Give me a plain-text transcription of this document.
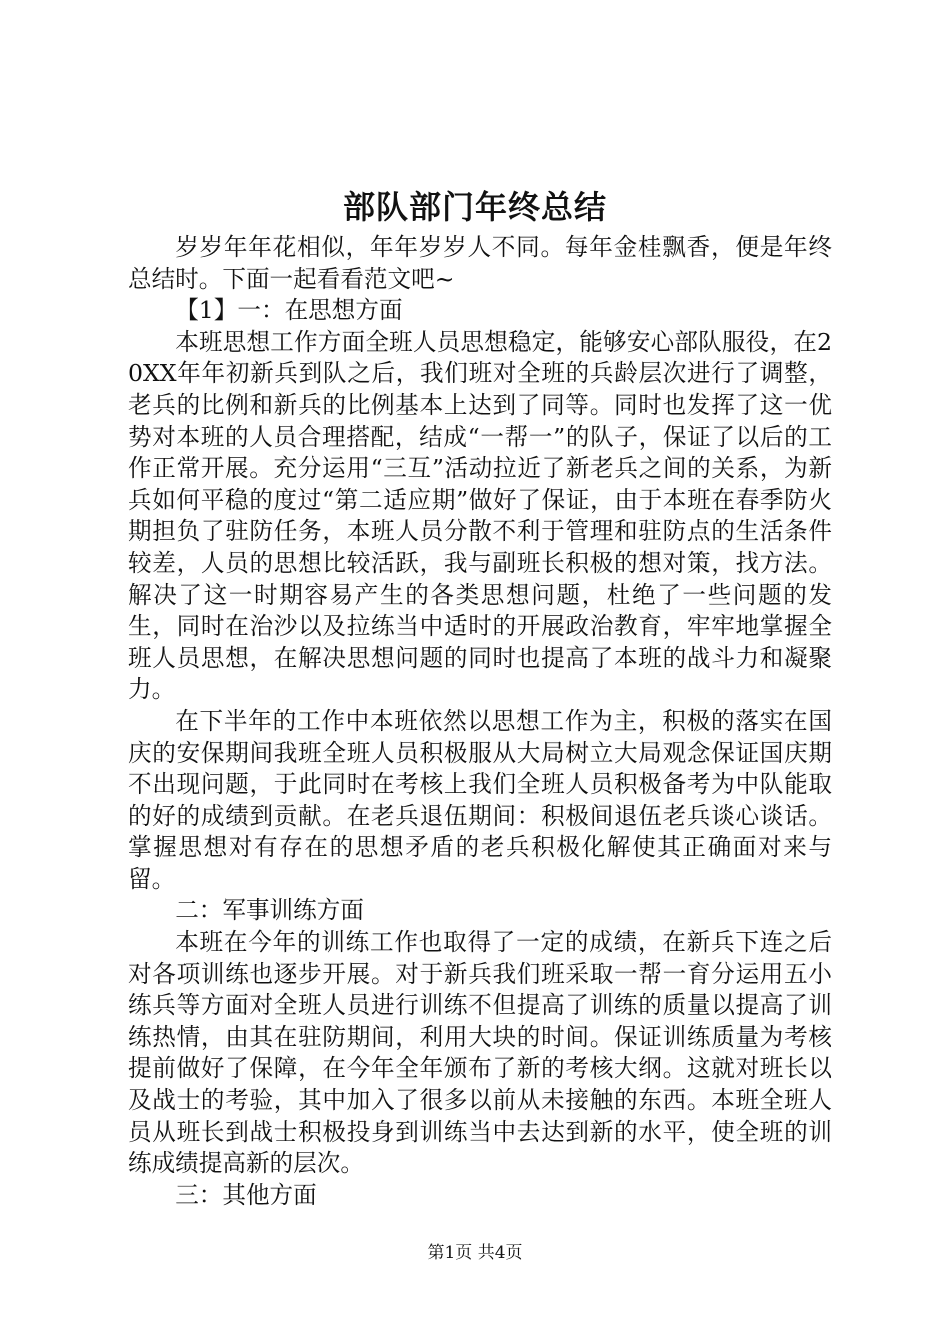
部队部门年终总结

岁岁年年花相似，年年岁岁人不同。每年金桂飘香，便是年终总结时。下面一起看看范文吧~

【1】一：在思想方面

本班思想工作方面全班人员思想稳定，能够安心部队服役，在20XX年年初新兵到队之后，我们班对全班的兵龄层次进行了调整，老兵的比例和新兵的比例基本上达到了同等。同时也发挥了这一优势对本班的人员合理搭配，结成“一帮一”的队子，保证了以后的工作正常开展。充分运用“三互”活动拉近了新老兵之间的关系，为新兵如何平稳的度过“第二适应期”做好了保证，由于本班在春季防火期担负了驻防任务，本班人员分散不利于管理和驻防点的生活条件较差，人员的思想比较活跃，我与副班长积极的想对策，找方法。解决了这一时期容易产生的各类思想问题，杜绝了一些问题的发生，同时在治沙以及拉练当中适时的开展政治教育，牢牢地掌握全班人员思想，在解决思想问题的同时也提高了本班的战斗力和凝聚力。

在下半年的工作中本班依然以思想工作为主，积极的落实在国庆的安保期间我班全班人员积极服从大局树立大局观念保证国庆期不出现问题，于此同时在考核上我们全班人员积极备考为中队能取的好的成绩到贡献。在老兵退伍期间：积极间退伍老兵谈心谈话。掌握思想对有存在的思想矛盾的老兵积极化解使其正确面对来与留。

二：军事训练方面

本班在今年的训练工作也取得了一定的成绩，在新兵下连之后对各项训练也逐步开展。对于新兵我们班采取一帮一育分运用五小练兵等方面对全班人员进行训练不但提高了训练的质量以提高了训练热情，由其在驻防期间，利用大块的时间。保证训练质量为考核提前做好了保障，在今年全年颁布了新的考核大纲。这就对班长以及战士的考验，其中加入了很多以前从未接触的东西。本班全班人员从班长到战士积极投身到训练当中去达到新的水平，使全班的训练成绩提高新的层次。

三：其他方面

第1页 共4页
